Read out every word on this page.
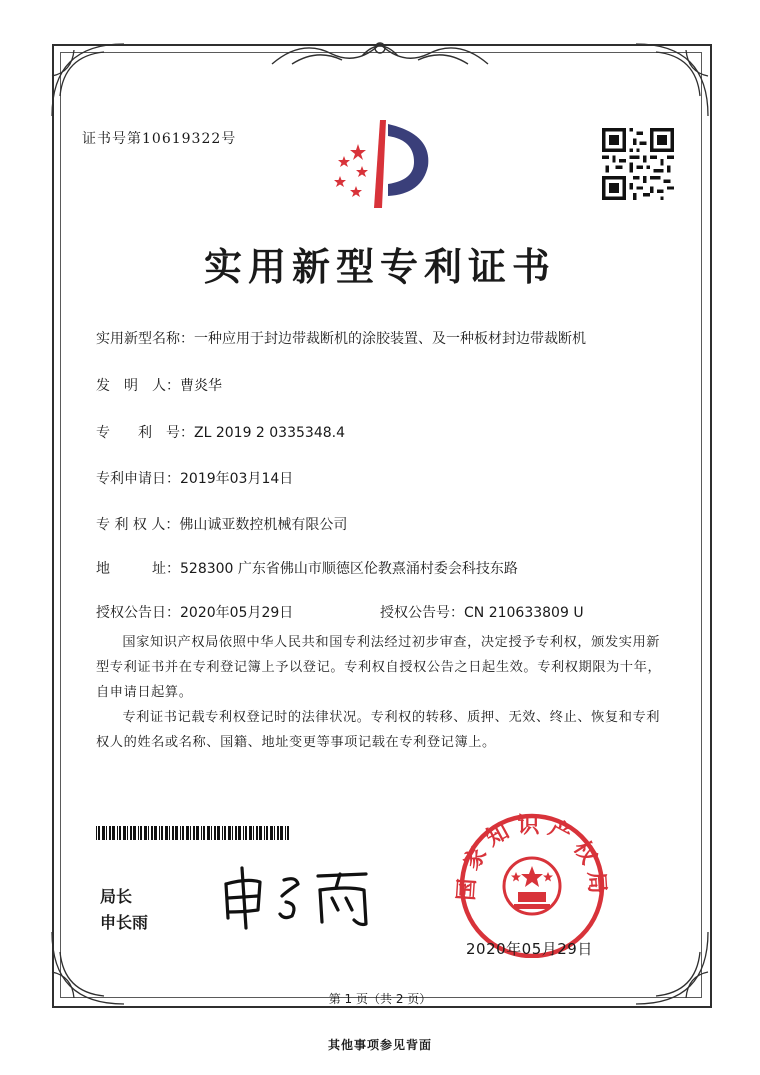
证书号第10619322号
实用新型专利证书
实用新型名称：一种应用于封边带裁断机的涂胶装置、及一种板材封边带裁断机
发　明　人：曹炎华
专　　利　号：ZL 2019 2 0335348.4
专利申请日：2019年03月14日
专 利 权 人：佛山诚亚数控机械有限公司
地　　　址：528300 广东省佛山市顺德区伦教熹涌村委会科技东路
授权公告日：2020年05月29日	授权公告号：CN 210633809 U
国家知识产权局依照中华人民共和国专利法经过初步审查，决定授予专利权，颁发实用新型专利证书并在专利登记簿上予以登记。专利权自授权公告之日起生效。专利权期限为十年，自申请日起算。
专利证书记载专利权登记时的法律状况。专利权的转移、质押、无效、终止、恢复和专利权人的姓名或名称、国籍、地址变更等事项记载在专利登记簿上。
局长
申长雨
国家知识产权局
2020年05月29日
第 1 页（共 2 页）
其他事项参见背面
